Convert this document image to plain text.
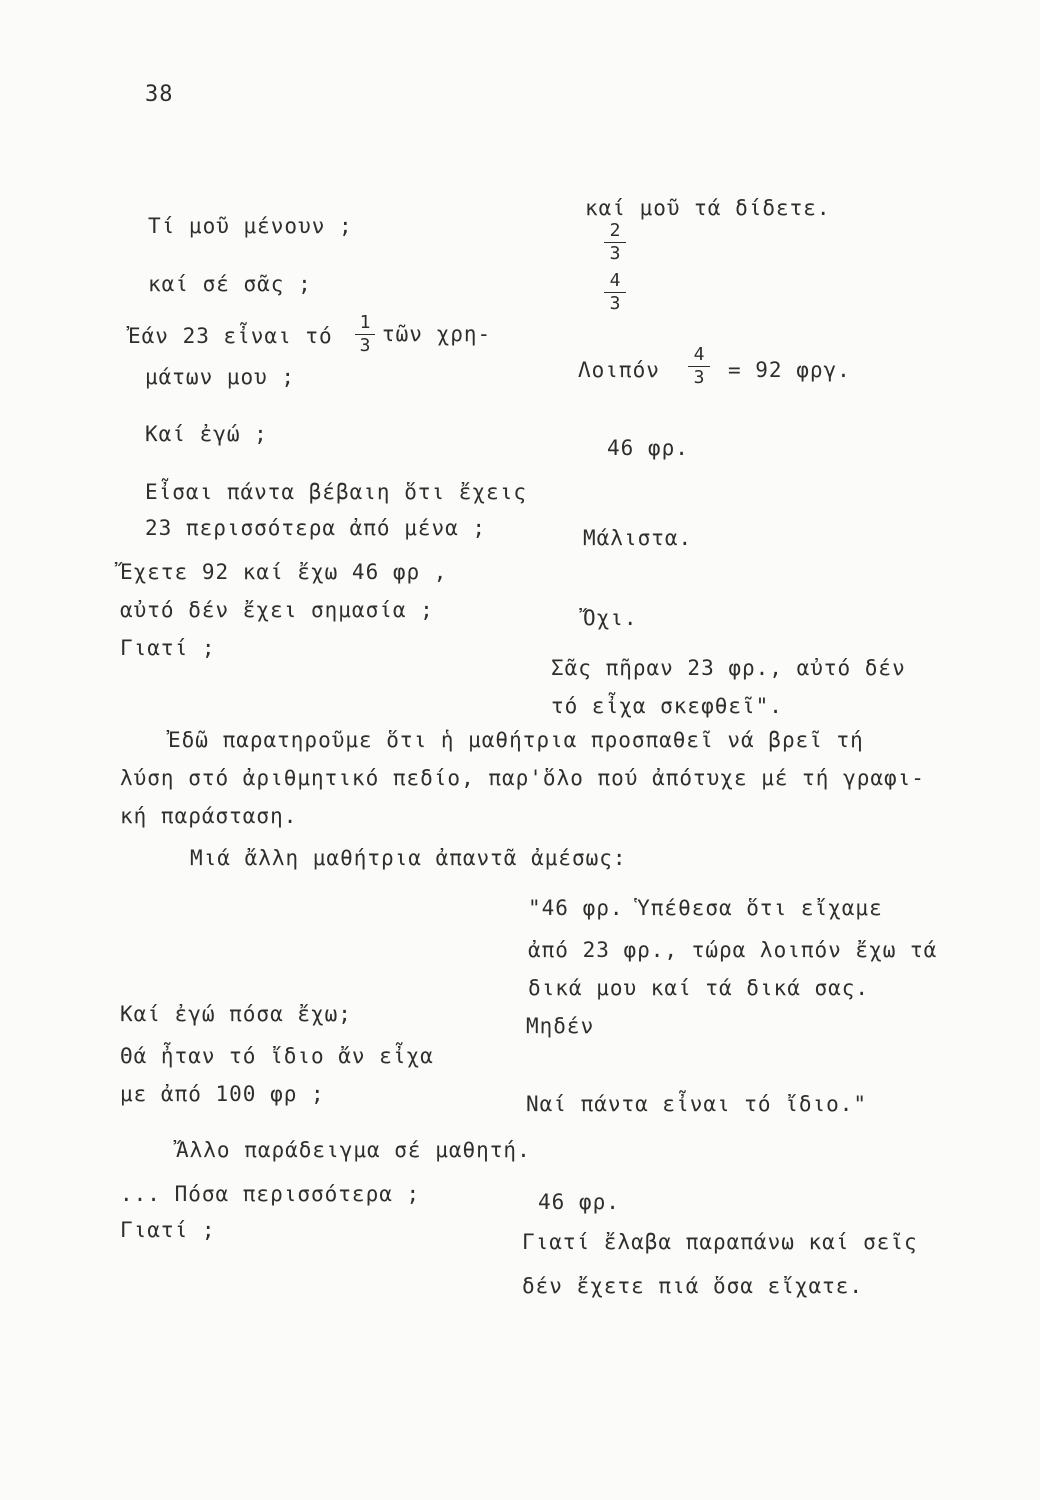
38
Τί μοῦ μένουν ;
καί σέ σᾶς ;
Ἐάν 23 εἶναι τό
1
3 τῶν χρη-
μάτων μου ;
Καί ἐγώ ;
Εἶσαι πάντα βέβαιη ὅτι ἔχεις
23 περισσότερα ἀπό μένα ;
Ἔχετε 92 καί ἔχω 46 φρ ,
αὐτό δέν ἔχει σημασία ;
Γιατί ;
καί μοῦ τά δίδετε.
2
3
4
3
Λοιπόν
4
3 = 92 φργ.
46 φρ.
Μάλιστα.
Ὄχι.
Σᾶς πῆραν 23 φρ., αὐτό δέν
τό εἶχα σκεφθεῖ".
Ἐδῶ παρατηροῦμε ὅτι ἡ μαθήτρια προσπαθεῖ νά βρεῖ τή
λύση στό ἀριθμητικό πεδίο, παρ'ὅλο πού ἀπότυχε μέ τή γραφι-
κή παράσταση.
Μιά ἄλλη μαθήτρια ἀπαντᾶ ἀμέσως:
"46 φρ. Ὑπέθεσα ὅτι εἴχαμε
ἀπό 23 φρ., τώρα λοιπόν ἔχω τά
δικά μου καί τά δικά σας.
Καί ἐγώ πόσα ἔχω;	Μηδέν
Θά ἦταν τό ἴδιο ἄν εἶχα
με ἀπό 100 φρ ;	Ναί πάντα εἶναι τό ἴδιο."
Ἄλλο παράδειγμα σέ μαθητή.
... Πόσα περισσότερα ;	46 φρ.
Γιατί ;	Γιατί ἔλαβα παραπάνω καί σεῖς
δέν ἔχετε πιά ὅσα εἴχατε.
